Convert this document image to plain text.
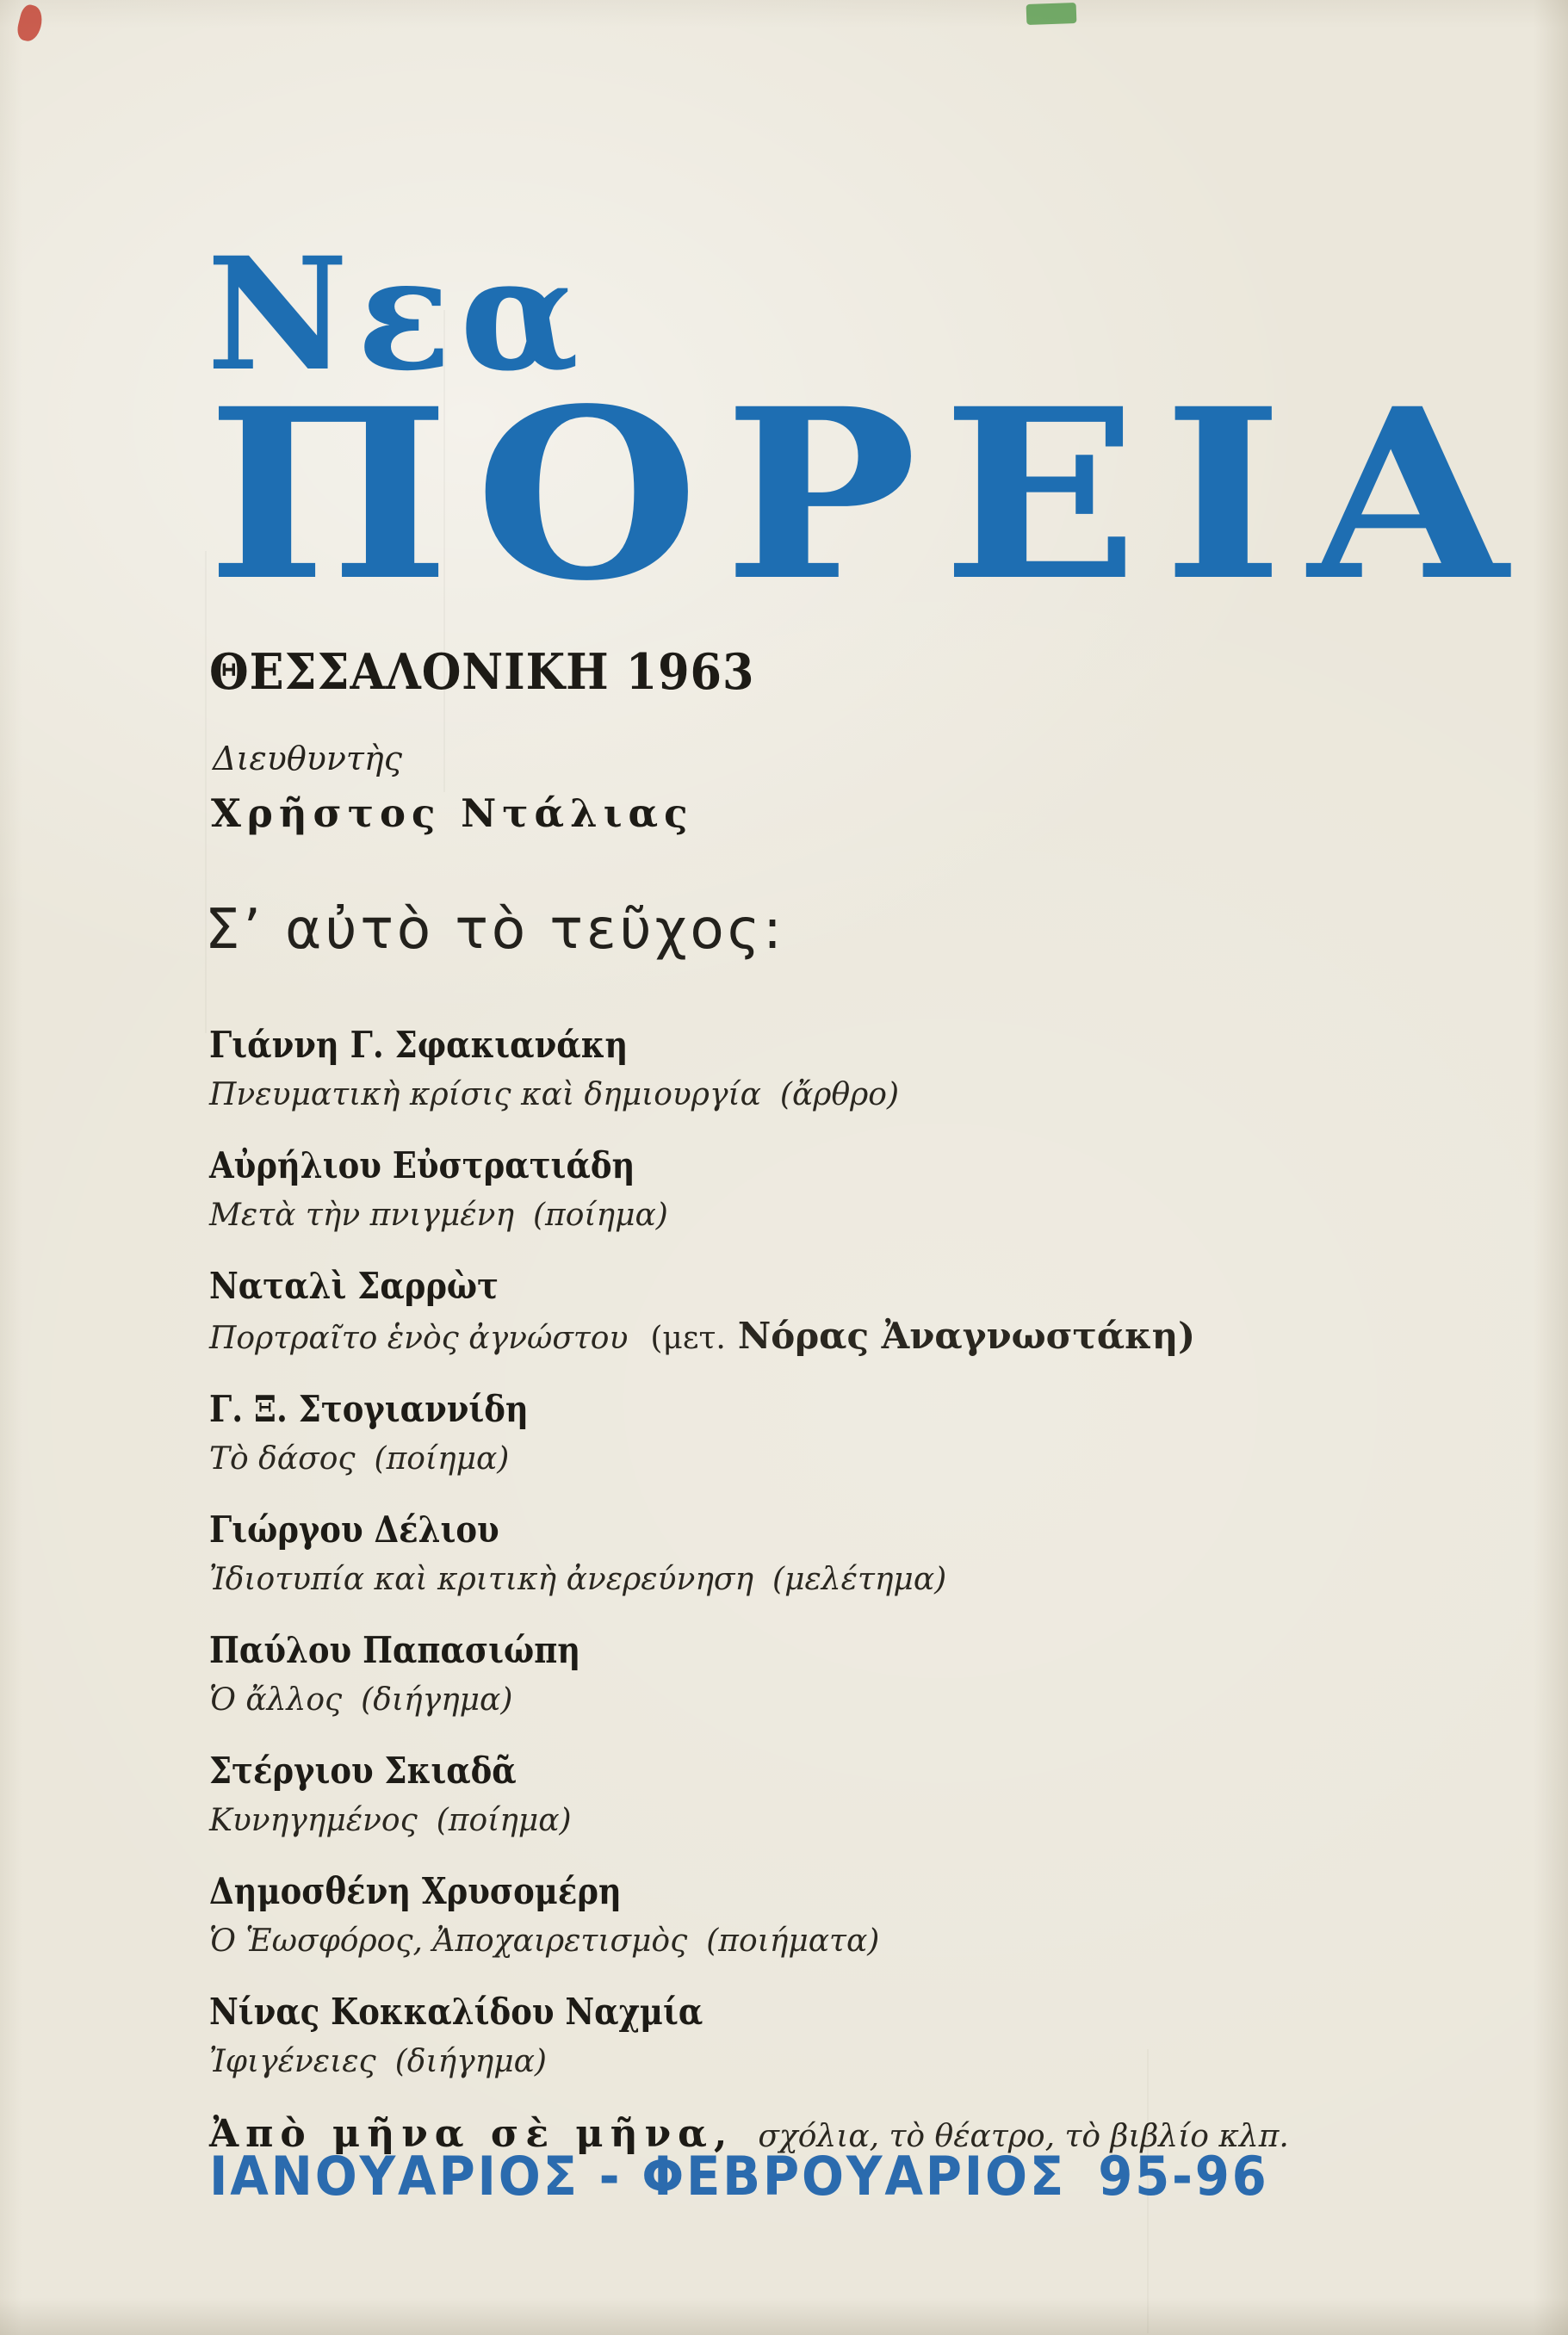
Νεα
ΠΟΡΕΙΑ
ΘΕΣΣΑΛΟΝΙΚΗ 1963
Διευθυντὴς
Χρῆστος Ντάλιας
Σ’ αὐτὸ τὸ τεῦχος:
Γιάννη Γ. Σφακιανάκη
Πνευματικὴ κρίσις καὶ δημιουργία (ἄρθρο)
Αὐρήλιου Εὐστρατιάδη
Μετὰ τὴν πνιγμένη (ποίημα)
Ναταλὶ Σαρρὼτ
Πορτραῖτο ἑνὸς ἀγνώστου (μετ. Νόρας Ἀναγνωστάκη)
Γ. Ξ. Στογιαννίδη
Τὸ δάσος (ποίημα)
Γιώργου Δέλιου
Ἰδιοτυπία καὶ κριτικὴ ἀνερεύνηση (μελέτημα)
Παύλου Παπασιώπη
Ὁ ἄλλος (διήγημα)
Στέργιου Σκιαδᾶ
Κυνηγημένος (ποίημα)
Δημοσθένη Χρυσομέρη
Ὁ Ἑωσφόρος, Ἀποχαιρετισμὸς (ποιήματα)
Νίνας Κοκκαλίδου Ναχμία
Ἰφιγένειες (διήγημα)
Ἀπὸ μῆνα σὲ μῆνα, σχόλια, τὸ θέατρο, τὸ βιβλίο κλπ.
ΙΑΝΟΥΑΡΙΟΣ - ΦΕΒΡΟΥΑΡΙΟΣ 95-96
